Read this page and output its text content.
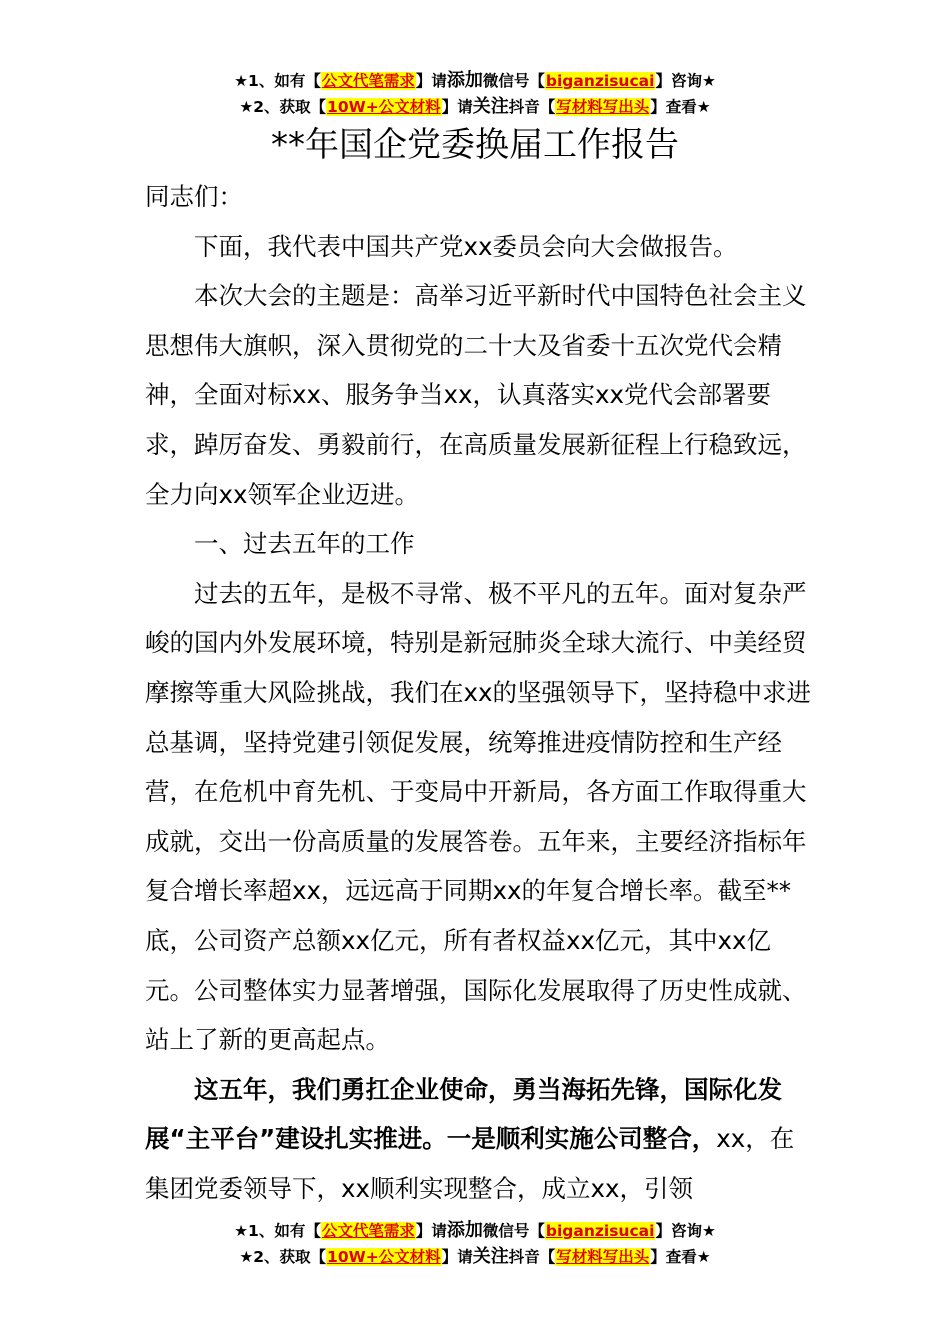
★1、如有【公文代笔需求】请添加微信号【biganzisucai】咨询★
★2、获取【10W+公文材料】请关注抖音【写材料写出头】查看★
**年国企党委换届工作报告

同志们：

下面，我代表中国共产党xx委员会向大会做报告。

本次大会的主题是：高举习近平新时代中国特色社会主义思想伟大旗帜，深入贯彻党的二十大及省委十五次党代会精神，全面对标xx、服务争当xx，认真落实xx党代会部署要求，踔厉奋发、勇毅前行，在高质量发展新征程上行稳致远，全力向xx领军企业迈进。

一、过去五年的工作

过去的五年，是极不寻常、极不平凡的五年。面对复杂严峻的国内外发展环境，特别是新冠肺炎全球大流行、中美经贸摩擦等重大风险挑战，我们在xx的坚强领导下，坚持稳中求进总基调，坚持党建引领促发展，统筹推进疫情防控和生产经营，在危机中育先机、于变局中开新局，各方面工作取得重大成就，交出一份高质量的发展答卷。五年来，主要经济指标年复合增长率超xx，远远高于同期xx的年复合增长率。截至**底，公司资产总额xx亿元，所有者权益xx亿元，其中xx亿元。公司整体实力显著增强，国际化发展取得了历史性成就、站上了新的更高起点。

这五年，我们勇扛企业使命，勇当海拓先锋，国际化发展“主平台”建设扎实推进。一是顺利实施公司整合，xx，在集团党委领导下，xx顺利实现整合，成立xx，引领

★1、如有【公文代笔需求】请添加微信号【biganzisucai】咨询★
★2、获取【10W+公文材料】请关注抖音【写材料写出头】查看★
